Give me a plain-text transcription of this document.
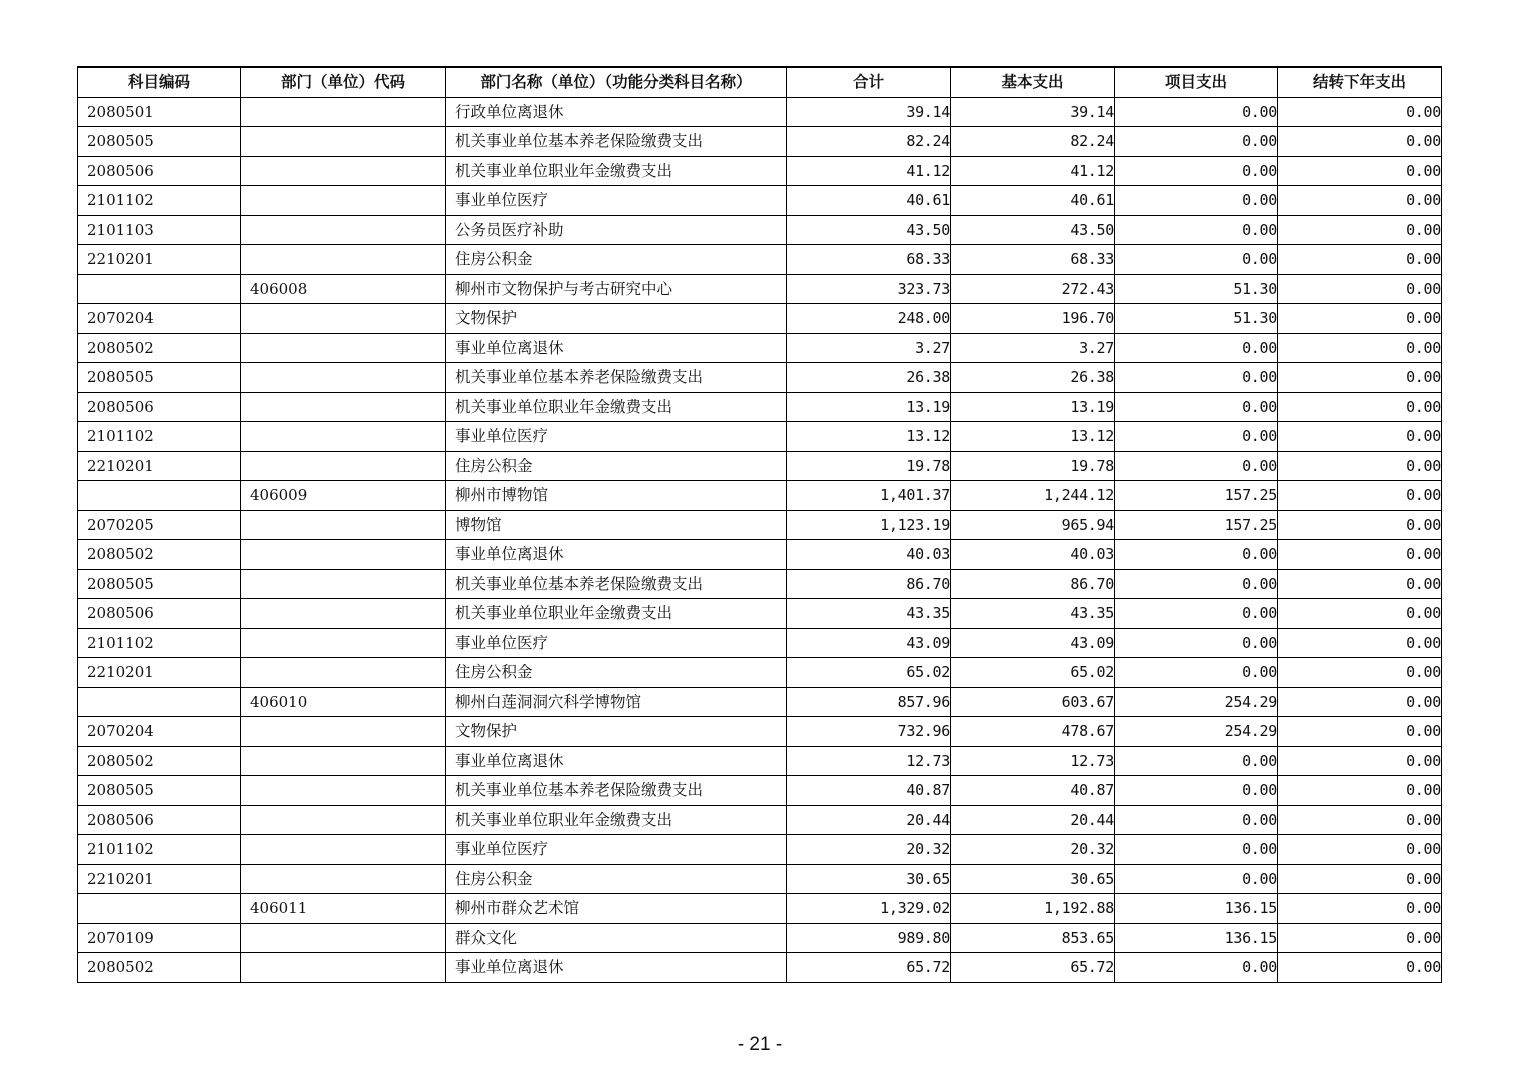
科目编码	部门（单位）代码	部门名称（单位）（功能分类科目名称）	合计	基本支出	项目支出	结转下年支出
2080501		行政单位离退休	39.14	39.14	0.00	0.00
2080505		机关事业单位基本养老保险缴费支出	82.24	82.24	0.00	0.00
2080506		机关事业单位职业年金缴费支出	41.12	41.12	0.00	0.00
2101102		事业单位医疗	40.61	40.61	0.00	0.00
2101103		公务员医疗补助	43.50	43.50	0.00	0.00
2210201		住房公积金	68.33	68.33	0.00	0.00
	406008	柳州市文物保护与考古研究中心	323.73	272.43	51.30	0.00
2070204		文物保护	248.00	196.70	51.30	0.00
2080502		事业单位离退休	3.27	3.27	0.00	0.00
2080505		机关事业单位基本养老保险缴费支出	26.38	26.38	0.00	0.00
2080506		机关事业单位职业年金缴费支出	13.19	13.19	0.00	0.00
2101102		事业单位医疗	13.12	13.12	0.00	0.00
2210201		住房公积金	19.78	19.78	0.00	0.00
	406009	柳州市博物馆	1,401.37	1,244.12	157.25	0.00
2070205		博物馆	1,123.19	965.94	157.25	0.00
2080502		事业单位离退休	40.03	40.03	0.00	0.00
2080505		机关事业单位基本养老保险缴费支出	86.70	86.70	0.00	0.00
2080506		机关事业单位职业年金缴费支出	43.35	43.35	0.00	0.00
2101102		事业单位医疗	43.09	43.09	0.00	0.00
2210201		住房公积金	65.02	65.02	0.00	0.00
	406010	柳州白莲洞洞穴科学博物馆	857.96	603.67	254.29	0.00
2070204		文物保护	732.96	478.67	254.29	0.00
2080502		事业单位离退休	12.73	12.73	0.00	0.00
2080505		机关事业单位基本养老保险缴费支出	40.87	40.87	0.00	0.00
2080506		机关事业单位职业年金缴费支出	20.44	20.44	0.00	0.00
2101102		事业单位医疗	20.32	20.32	0.00	0.00
2210201		住房公积金	30.65	30.65	0.00	0.00
	406011	柳州市群众艺术馆	1,329.02	1,192.88	136.15	0.00
2070109		群众文化	989.80	853.65	136.15	0.00
2080502		事业单位离退休	65.72	65.72	0.00	0.00
- 21 -
